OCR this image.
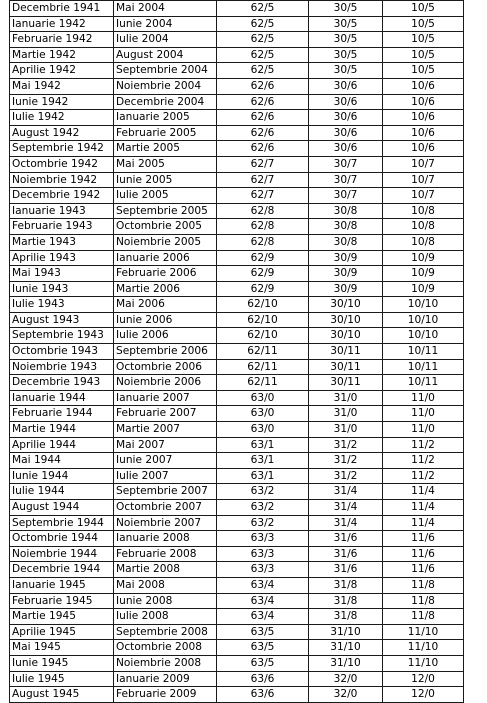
Decembrie 1941	Mai 2004	62/5	30/5	10/5
Ianuarie 1942	Iunie 2004	62/5	30/5	10/5
Februarie 1942	Iulie 2004	62/5	30/5	10/5
Martie 1942	August 2004	62/5	30/5	10/5
Aprilie 1942	Septembrie 2004	62/5	30/5	10/5
Mai 1942	Noiembrie 2004	62/6	30/6	10/6
Iunie 1942	Decembrie 2004	62/6	30/6	10/6
Iulie 1942	Ianuarie 2005	62/6	30/6	10/6
August 1942	Februarie 2005	62/6	30/6	10/6
Septembrie 1942	Martie 2005	62/6	30/6	10/6
Octombrie 1942	Mai 2005	62/7	30/7	10/7
Noiembrie 1942	Iunie 2005	62/7	30/7	10/7
Decembrie 1942	Iulie 2005	62/7	30/7	10/7
Ianuarie 1943	Septembrie 2005	62/8	30/8	10/8
Februarie 1943	Octombrie 2005	62/8	30/8	10/8
Martie 1943	Noiembrie 2005	62/8	30/8	10/8
Aprilie 1943	Ianuarie 2006	62/9	30/9	10/9
Mai 1943	Februarie 2006	62/9	30/9	10/9
Iunie 1943	Martie 2006	62/9	30/9	10/9
Iulie 1943	Mai 2006	62/10	30/10	10/10
August 1943	Iunie 2006	62/10	30/10	10/10
Septembrie 1943	Iulie 2006	62/10	30/10	10/10
Octombrie 1943	Septembrie 2006	62/11	30/11	10/11
Noiembrie 1943	Octombrie 2006	62/11	30/11	10/11
Decembrie 1943	Noiembrie 2006	62/11	30/11	10/11
Ianuarie 1944	Ianuarie 2007	63/0	31/0	11/0
Februarie 1944	Februarie 2007	63/0	31/0	11/0
Martie 1944	Martie 2007	63/0	31/0	11/0
Aprilie 1944	Mai 2007	63/1	31/2	11/2
Mai 1944	Iunie 2007	63/1	31/2	11/2
Iunie 1944	Iulie 2007	63/1	31/2	11/2
Iulie 1944	Septembrie 2007	63/2	31/4	11/4
August 1944	Octombrie 2007	63/2	31/4	11/4
Septembrie 1944	Noiembrie 2007	63/2	31/4	11/4
Octombrie 1944	Ianuarie 2008	63/3	31/6	11/6
Noiembrie 1944	Februarie 2008	63/3	31/6	11/6
Decembrie 1944	Martie 2008	63/3	31/6	11/6
Ianuarie 1945	Mai 2008	63/4	31/8	11/8
Februarie 1945	Iunie 2008	63/4	31/8	11/8
Martie 1945	Iulie 2008	63/4	31/8	11/8
Aprilie 1945	Septembrie 2008	63/5	31/10	11/10
Mai 1945	Octombrie 2008	63/5	31/10	11/10
Iunie 1945	Noiembrie 2008	63/5	31/10	11/10
Iulie 1945	Ianuarie 2009	63/6	32/0	12/0
August 1945	Februarie 2009	63/6	32/0	12/0
